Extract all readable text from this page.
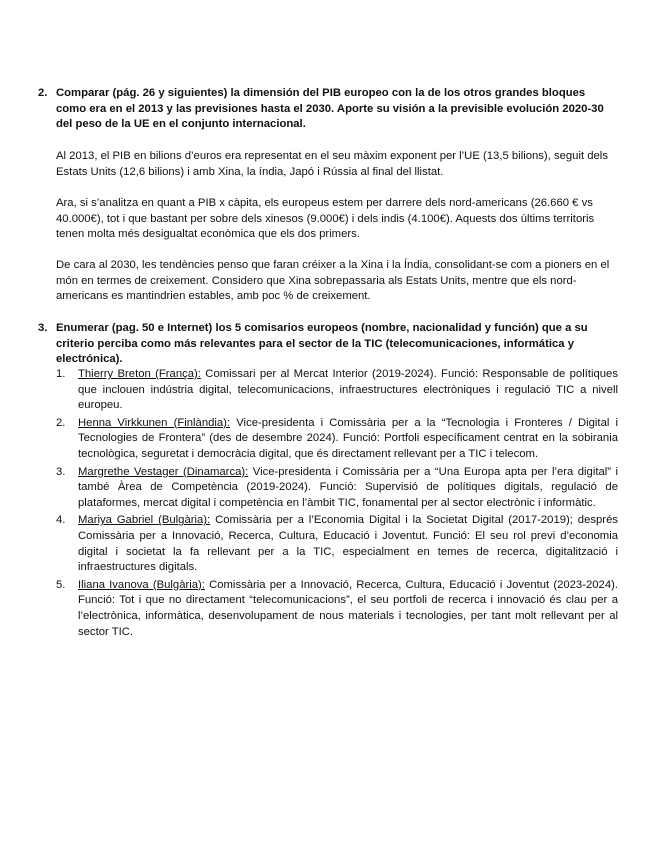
2. Comparar (pág. 26 y siguientes) la dimensión del PIB europeo con la de los otros grandes bloques como era en el 2013 y las previsiones hasta el 2030. Aporte su visión a la previsible evolución 2020-30 del peso de la UE en el conjunto internacional.
Al 2013, el PIB en bilions d’euros era representat en el seu màxim exponent per l’UE (13,5 bilions), seguit dels Estats Units (12,6 bilions) i amb Xina, la índia, Japó i Rússia al final del llistat.
Ara, si s’analitza en quant a PIB x càpita, els europeus estem per darrere dels nord-americans (26.660 € vs 40.000€), tot i que bastant per sobre dels xinesos (9.000€) i dels indis (4.100€). Aquests dos últims territoris tenen molta més desigualtat econòmica que els dos primers.
De cara al 2030, les tendències penso que faran créixer a la Xina i la Índia, consolidant-se com a pioners en el món en termes de creixement. Considero que Xina sobrepassaria als Estats Units, mentre que els nord-americans es mantindrien estables, amb poc % de creixement.
3. Enumerar (pag. 50 e Internet) los 5 comisarios europeos (nombre, nacionalidad y función) que a su criterio perciba como más relevantes para el sector de la TIC (telecomunicaciones, informática y electrónica).
1. Thierry Breton (França): Comissari per al Mercat Interior (2019-2024). Funció: Responsable de polítiques que inclouen indústria digital, telecomunicacions, infraestructures electròniques i regulació TIC a nivell europeu.
2. Henna Virkkunen (Finlàndia): Vice-presidenta i Comissària per a la “Tecnologia i Fronteres / Digital i Tecnologies de Frontera” (des de desembre 2024). Funció: Portfoli específicament centrat en la sobirania tecnològica, seguretat i democràcia digital, que és directament rellevant per a TIC i telecom.
3. Margrethe Vestager (Dinamarca): Vice-presidenta i Comissària per a “Una Europa apta per l’era digital” i també Àrea de Competència (2019-2024). Funció: Supervisió de polítiques digitals, regulació de plataformes, mercat digital i competència en l’àmbit TIC, fonamental per al sector electrònic i informàtic.
4. Mariya Gabriel (Bulgària): Comissària per a l’Economia Digital i la Societat Digital (2017-2019); després Comissària per a Innovació, Recerca, Cultura, Educació i Joventut. Funció: El seu rol previ d’economia digital i societat la fa rellevant per a la TIC, especialment en temes de recerca, digitalització i infraestructures digitals.
5. Iliana Ivanova (Bulgària): Comissària per a Innovació, Recerca, Cultura, Educació i Joventut (2023-2024). Funció: Tot i que no directament “telecomunicacions”, el seu portfoli de recerca i innovació és clau per a l’electrònica, informàtica, desenvolupament de nous materials i tecnologies, per tant molt rellevant per al sector TIC.
